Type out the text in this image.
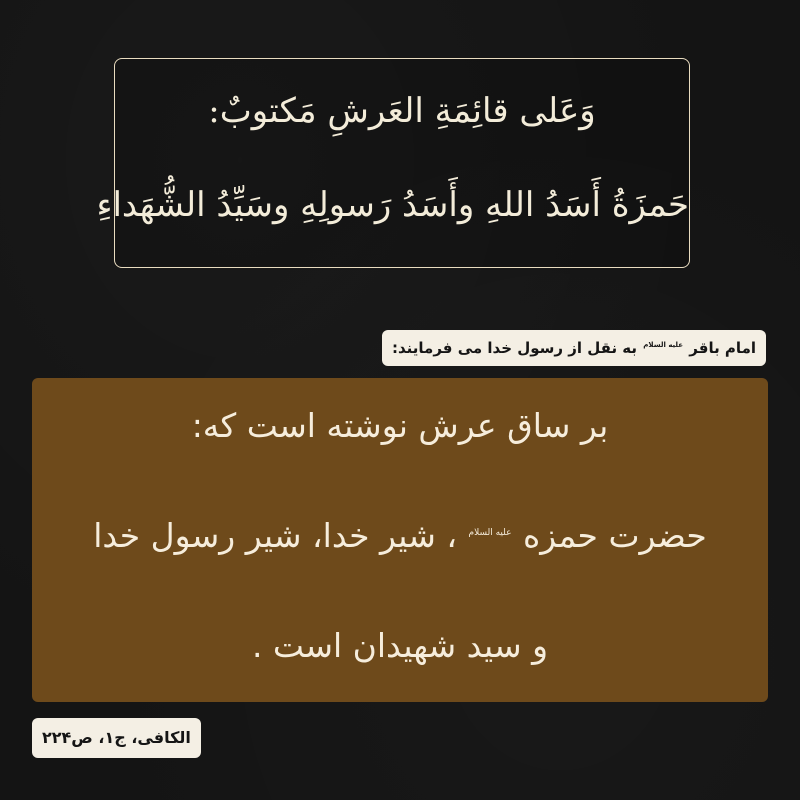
وَعَلى قائِمَةِ العَرشِ مَكتوبٌ:
حَمزَةُ أَسَدُ اللهِ وأَسَدُ رَسولِهِ وسَيِّدُ الشُّهَداءِ
امام باقر $^{علیه السلام}$ به نقل از رسول خدا می فرمایند:
بر ساق عرش نوشته است که:
حضرت حمزه $^{علیه السلام}$ ، شیر خدا، شیر رسول خدا
و سید شهیدان است .
الکافی، ج۱، ص۲۲۴
